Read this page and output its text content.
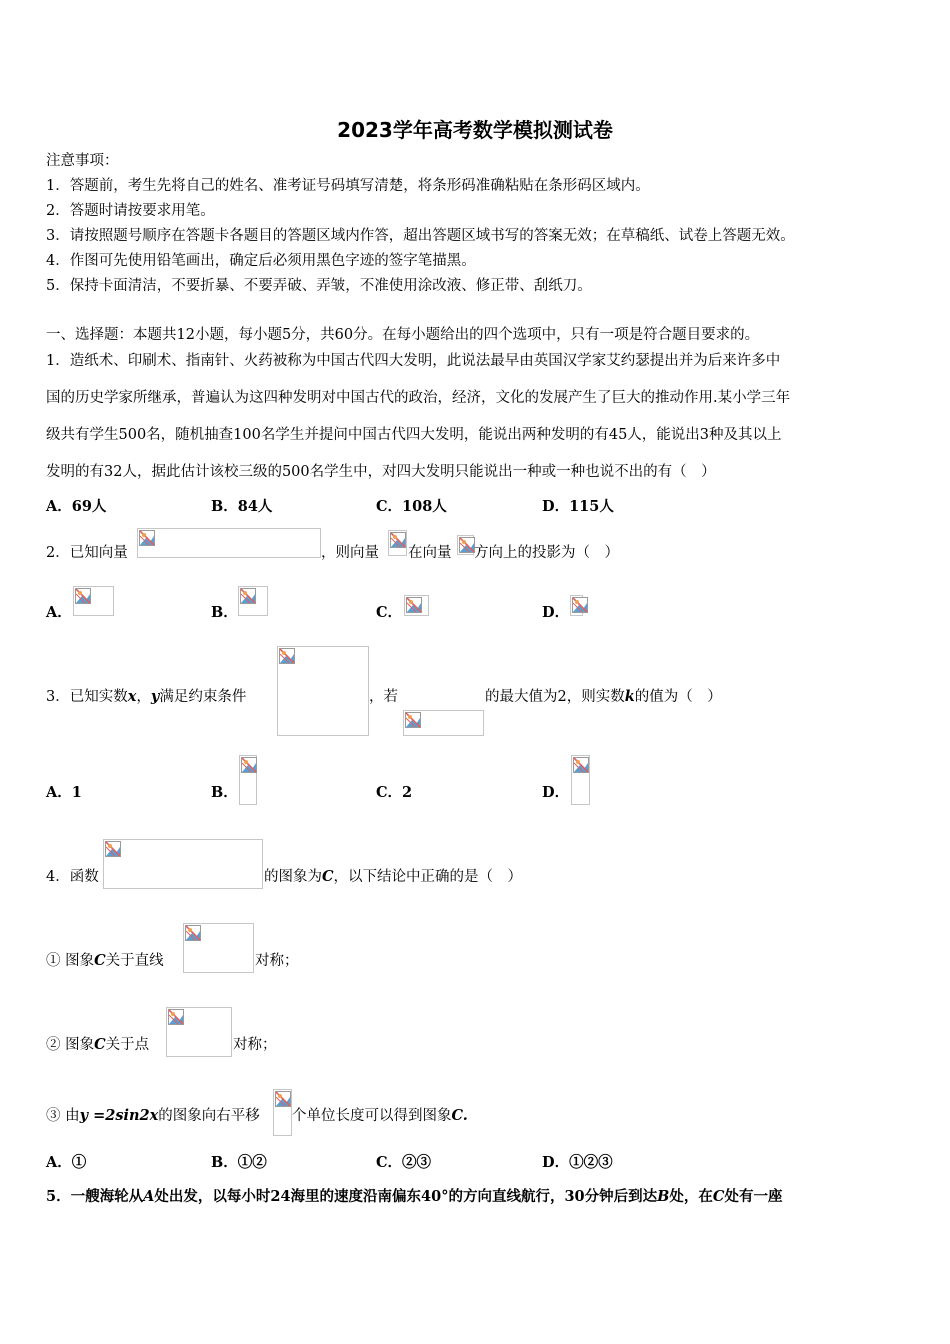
2023学年高考数学模拟测试卷
注意事项：
1．答题前，考生先将自己的姓名、准考证号码填写清楚，将条形码准确粘贴在条形码区域内。
2．答题时请按要求用笔。
3．请按照题号顺序在答题卡各题目的答题区域内作答，超出答题区域书写的答案无效；在草稿纸、试卷上答题无效。
4．作图可先使用铅笔画出，确定后必须用黑色字迹的签字笔描黑。
5．保持卡面清洁，不要折暴、不要弄破、弄皱，不准使用涂改液、修正带、刮纸刀。
一、选择题：本题共12小题，每小题5分，共60分。在每小题给出的四个选项中，只有一项是符合题目要求的。
1．造纸术、印刷术、指南针、火药被称为中国古代四大发明，此说法最早由英国汉学家艾约瑟提出并为后来许多中
国的历史学家所继承，普遍认为这四种发明对中国古代的政治，经济，文化的发展产生了巨大的推动作用.某小学三年
级共有学生500名，随机抽查100名学生并提问中国古代四大发明，能说出两种发明的有45人，能说出3种及其以上
发明的有32人，据此估计该校三级的500名学生中，对四大发明只能说出一种或一种也说不出的有（　）
A．69人	B．84人	C．108人	D．115人
2．已知向量	，则向量 在向量 方向上的投影为（　）
A．	B．	C．	D．
3．已知实数x，y满足约束条件	，若	的最大值为2，则实数k的值为（　）
A．1	B．	C．2	D．
4．函数	的图象为C，以下结论中正确的是（　）
① 图象C关于直线	对称；
② 图象C关于点	对称；
③ 由y =2sin2x的图象向右平移 个单位长度可以得到图象C.
A．①	B．①②	C．②③	D．①②③
5．一艘海轮从A处出发，以每小时24海里的速度沿南偏东40°的方向直线航行，30分钟后到达B处，在C处有一座
